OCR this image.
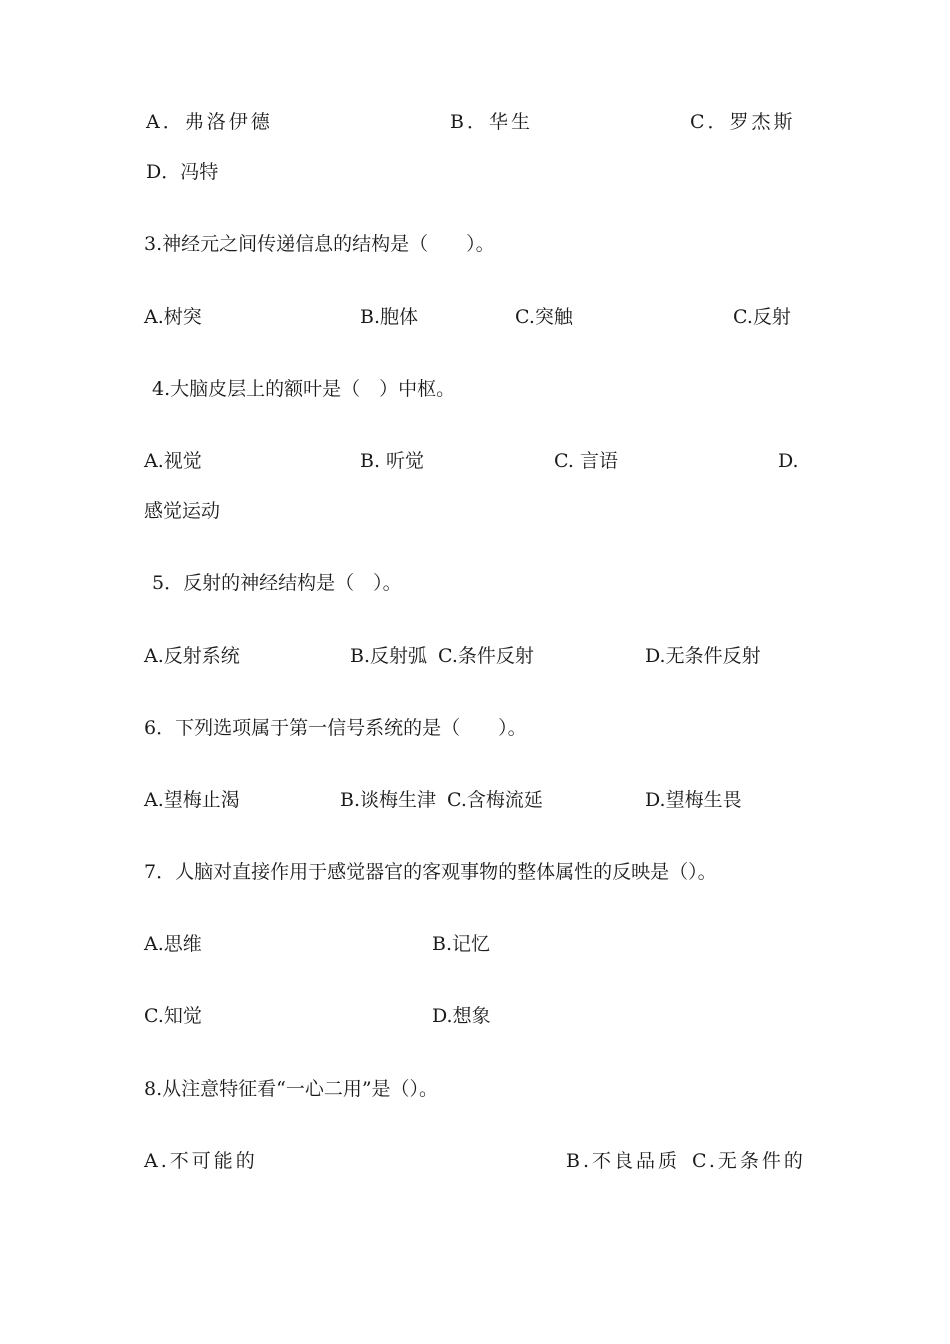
A．弗洛伊德	B．华生	C．罗杰斯
D．冯特
3.神经元之间传递信息的结构是（　　）。
A.树突	B.胞体	C.突触	C.反射
4.大脑皮层上的额叶是（　）中枢。
A.视觉	B. 听觉	C. 言语	D.
感觉运动
5．反射的神经结构是（　）。
A.反射系统	B.反射弧 C.条件反射	D.无条件反射
6．下列选项属于第一信号系统的是（　　）。
A.望梅止渴	B.谈梅生津 C.含梅流延	D.望梅生畏
7．人脑对直接作用于感觉器官的客观事物的整体属性的反映是（）。
A.思维	B.记忆
C.知觉	D.想象
8.从注意特征看“一心二用”是（）。
A.不可能的	B.不良品质 C.无条件的
